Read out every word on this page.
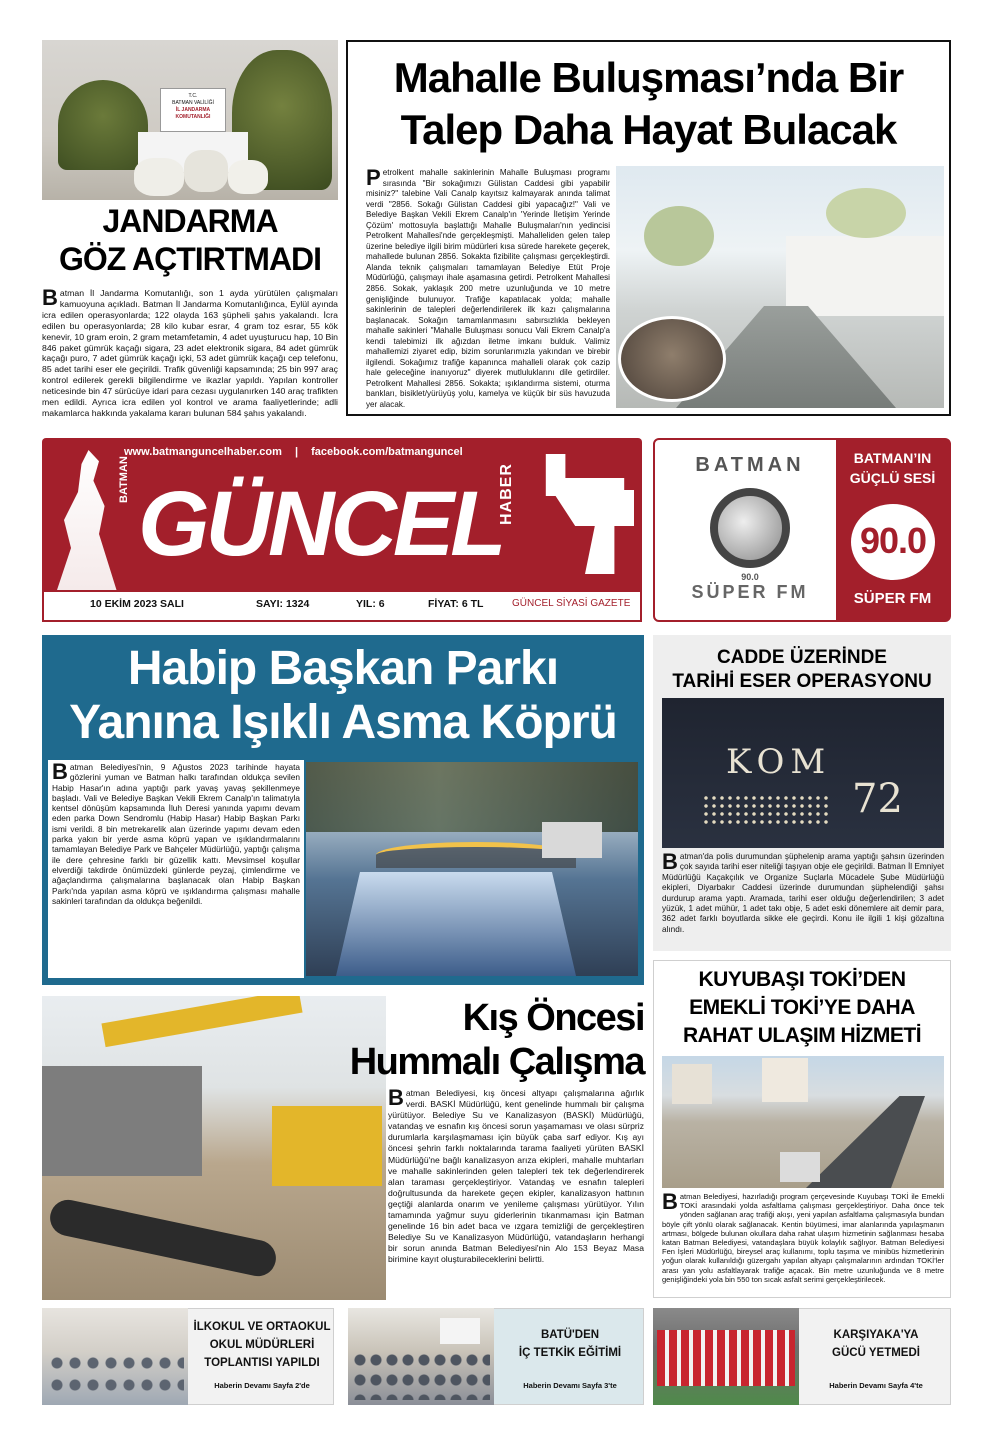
T.C.
BATMAN VALİLİĞİ
İL JANDARMA KOMUTANLIĞI
JANDARMA
GÖZ AÇTIRTMADI
Batman İl Jandarma Komutanlığı, son 1 ayda yürütülen çalışmaları kamuoyuna açıkladı. Batman İl Jandarma Komutanlığınca, Eylül ayında icra edilen operasyonlarda; 122 olayda 163 şüpheli şahıs yakalandı. İcra edilen bu operasyonlarda; 28 kilo kubar esrar, 4 gram toz esrar, 55 kök kenevir, 10 gram eroin, 2 gram metamfetamin, 4 adet uyuşturucu hap, 10 Bin 846 paket gümrük kaçağı sigara, 23 adet elektronik sigara, 84 adet gümrük kaçağı puro, 7 adet gümrük kaçağı içki, 53 adet gümrük kaçağı cep telefonu, 85 adet tarihi eser ele geçirildi. Trafik güvenliği kapsamında; 25 bin 997 araç kontrol edilerek gerekli bilgilendirme ve ikazlar yapıldı. Yapılan kontroller neticesinde bin 47 sürücüye idari para cezası uygulanırken 140 araç trafikten men edildi. Ayrıca icra edilen yol kontrol ve arama faaliyetlerinde; adli makamlarca hakkında yakalama kararı bulunan 584 şahıs yakalandı.
Mahalle Buluşması’nda Bir
Talep Daha Hayat Bulacak
Petrolkent mahalle sakinlerinin Mahalle Buluşması programı sırasında "Bir sokağımızı Gülistan Caddesi gibi yapabilir misiniz?" talebine Vali Canalp kayıtsız kalmayarak anında talimat verdi "2856. Sokağı Gülistan Caddesi gibi yapacağız!" Vali ve Belediye Başkan Vekili Ekrem Canalp'ın 'Yerinde İletişim Yerinde Çözüm' mottosuyla başlattığı Mahalle Buluşmaları'nın yedincisi Petrolkent Mahallesi'nde gerçekleşmişti. Mahalleliden gelen talep üzerine belediye ilgili birim müdürleri kısa sürede harekete geçerek, mahallede bulunan 2856. Sokakta fizibilite çalışması gerçekleştirdi. Alanda teknik çalışmaları tamamlayan Belediye Etüt Proje Müdürlüğü, çalışmayı ihale aşamasına getirdi. Petrolkent Mahallesi 2856. Sokak, yaklaşık 200 metre uzunluğunda ve 10 metre genişliğinde bulunuyor. Trafiğe kapatılacak yolda; mahalle sakinlerinin de talepleri değerlendirilerek ilk kazı çalışmalarına başlanacak. Sokağın tamamlanmasını sabırsızlıkla bekleyen mahalle sakinleri "Mahalle Buluşması sonucu Vali Ekrem Canalp'a kendi talebimizi ilk ağızdan iletme imkanı bulduk. Valimiz mahallemizi ziyaret edip, bizim sorunlarımızla yakından ve birebir ilgilendi. Sokağımız trafiğe kapanınca mahalleli olarak çok cazip hale geleceğine inanıyoruz" diyerek mutluluklarını dile getirdiler. Petrolkent Mahallesi 2856. Sokakta; ışıklandırma sistemi, oturma bankları, bisiklet/yürüyüş yolu, kamelya ve küçük bir süs havuzuda yer alacak.
www.batmanguncelhaber.com | facebook.com/batmanguncel
BATMAN GÜNCEL
HABER
10 EKİM 2023 SALI	SAYI: 1324	YIL: 6	FİYAT: 6 TL	GÜNCEL SİYASİ GAZETE
BATMAN
90.0
SÜPER FM
BATMAN’IN
GÜÇLÜ SESİ
90.0
SÜPER FM
Habip Başkan Parkı
Yanına Işıklı Asma Köprü
Batman Belediyesi'nin, 9 Ağustos 2023 tarihinde hayata gözlerini yuman ve Batman halkı tarafından oldukça sevilen Habip Hasar'ın adına yaptığı park yavaş yavaş şekillenmeye başladı. Vali ve Belediye Başkan Vekili Ekrem Canalp'ın talimatıyla kentsel dönüşüm kapsamında İluh Deresi yanında yapımı devam eden parka Down Sendromlu (Habip Hasar) Habip Başkan Parkı ismi verildi. 8 bin metrekarelik alan üzerinde yapımı devam eden parka yakın bir yerde asma köprü yapan ve ışıklandırmalarını tamamlayan Belediye Park ve Bahçeler Müdürlüğü, yaptığı çalışma ile dere çehresine farklı bir güzellik kattı. Mevsimsel koşullar elverdiği takdirde önümüzdeki günlerde peyzaj, çimlendirme ve ağaçlandırma çalışmalarına başlanacak olan Habip Başkan Parkı'nda yapılan asma köprü ve ışıklandırma çalışması mahalle sakinleri tarafından da oldukça beğenildi.
CADDE ÜZERİNDE
TARİHİ ESER OPERASYONU
KOM
72
Batman'da polis durumundan şüphelenip arama yaptığı şahsın üzerinden çok sayıda tarihi eser niteliği taşıyan obje ele geçirildi. Batman İl Emniyet Müdürlüğü Kaçakçılık ve Organize Suçlarla Mücadele Şube Müdürlüğü ekipleri, Diyarbakır Caddesi üzerinde durumundan şüphelendiği şahsı durdurup arama yaptı. Aramada, tarihi eser olduğu değerlendirilen; 3 adet yüzük, 1 adet mühür, 1 adet takı obje, 5 adet eski dönemlere ait demir para, 362 adet farklı boyutlarda sikke ele geçirdi. Konu ile ilgili 1 kişi gözaltına alındı.
Kış Öncesi
Hummalı Çalışma
Batman Belediyesi, kış öncesi altyapı çalışmalarına ağırlık verdi. BASKİ Müdürlüğü, kent genelinde hummalı bir çalışma yürütüyor. Belediye Su ve Kanalizasyon (BASKİ) Müdürlüğü, vatandaş ve esnafın kış öncesi sorun yaşamaması ve olası sürpriz durumlarla karşılaşmaması için büyük çaba sarf ediyor. Kış ayı öncesi şehrin farklı noktalarında tarama faaliyeti yürüten BASKİ Müdürlüğü'ne bağlı kanalizasyon arıza ekipleri, mahalle muhtarları ve mahalle sakinlerinden gelen talepleri tek tek değerlendirerek alan taraması gerçekleştiriyor. Vatandaş ve esnafın talepleri doğrultusunda da harekete geçen ekipler, kanalizasyon hattının geçtiği alanlarda onarım ve yenileme çalışması yürütüyor. Yılın tamamında yağmur suyu giderlerinin tıkanmaması için Batman genelinde 16 bin adet baca ve ızgara temizliği de gerçekleştiren Belediye Su ve Kanalizasyon Müdürlüğü, vatandaşların herhangi bir sorun anında Batman Belediyesi'nin Alo 153 Beyaz Masa birimine kayıt oluşturabileceklerini belirtti.
KUYUBAŞI TOKİ’DEN
EMEKLİ TOKİ’YE DAHA
RAHAT ULAŞIM HİZMETİ
Batman Belediyesi, hazırladığı program çerçevesinde Kuyubaşı TOKİ ile Emekli TOKİ arasındaki yolda asfaltlama çalışması gerçekleştiriyor. Daha önce tek yönden sağlanan araç trafiği akışı, yeni yapılan asfaltlama çalışmasıyla bundan böyle çift yönlü olarak sağlanacak. Kentin büyümesi, imar alanlarında yapılaşmanın artması, bölgede bulunan okullara daha rahat ulaşım hizmetinin sağlanması hesaba katan Batman Belediyesi, vatandaşlara büyük kolaylık sağlıyor. Batman Belediyesi Fen İşleri Müdürlüğü, bireysel araç kullanımı, toplu taşıma ve minibüs hizmetlerinin yoğun olarak kullanıldığı güzergahı yapılan altyapı çalışmalarının ardından TOKİ'ler arası yan yolu asfaltlayarak trafiğe açacak. Bin metre uzunluğunda ve 8 metre genişliğindeki yola bin 550 ton sıcak asfalt serimi gerçekleştirilecek.
İLKOKUL VE ORTAOKUL
OKUL MÜDÜRLERİ
TOPLANTISI YAPILDI
Haberin Devamı Sayfa 2'de
BATÜ'DEN
İÇ TETKİK EĞİTİMİ
Haberin Devamı Sayfa 3'te
KARŞIYAKA'YA
GÜCÜ YETMEDİ
Haberin Devamı Sayfa 4'te
